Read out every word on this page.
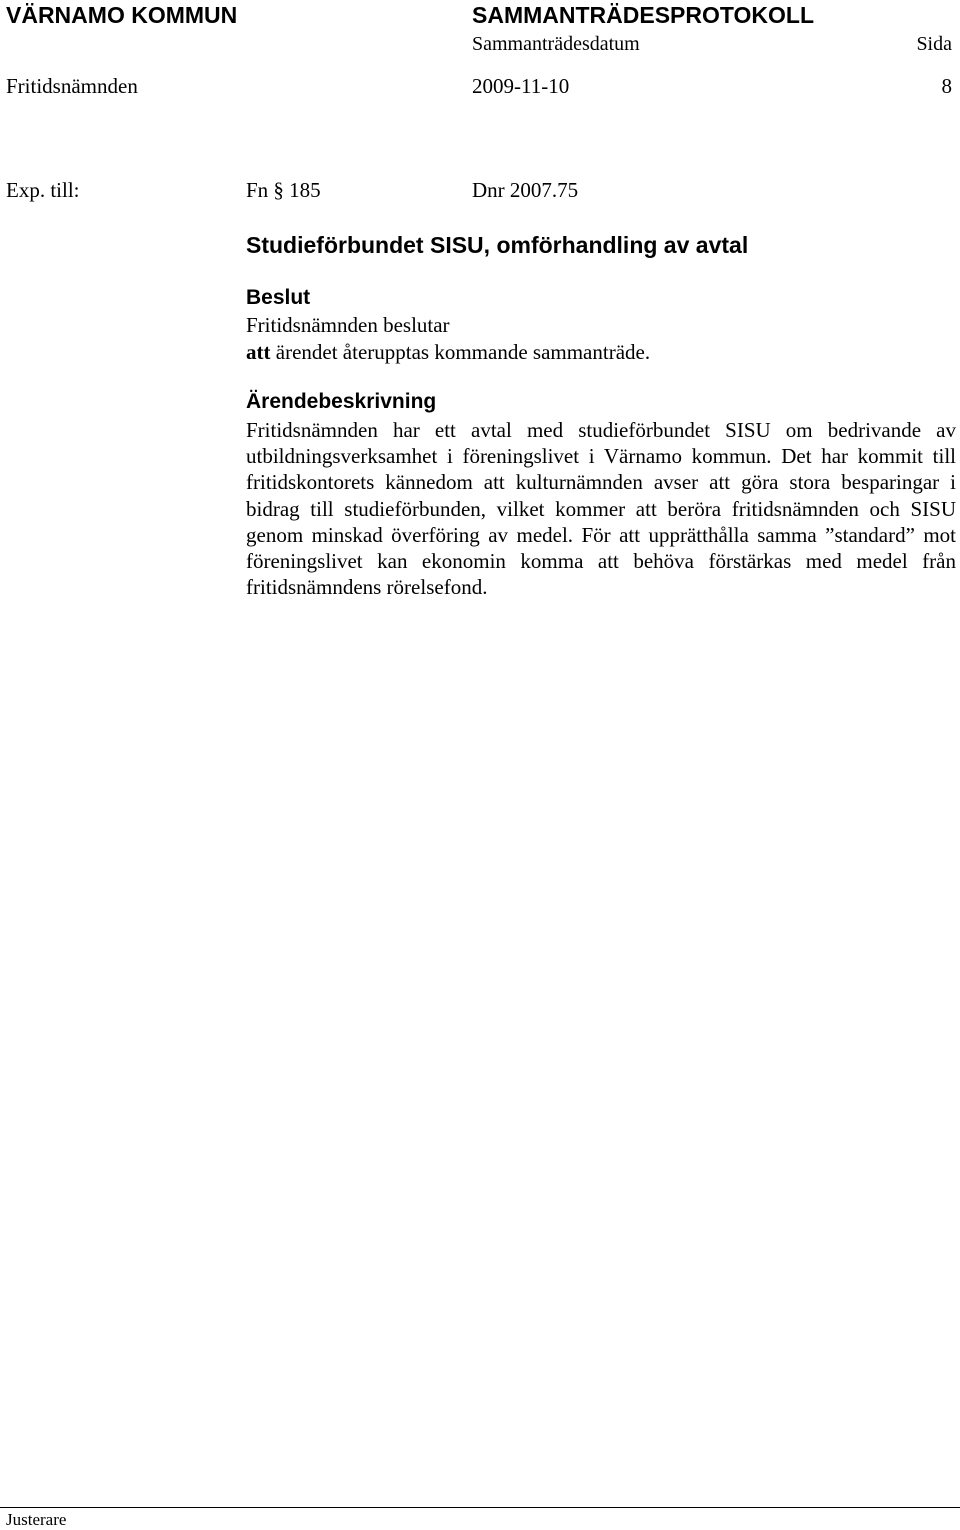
VÄRNAMO KOMMUN	SAMMANTRÄDESPROTOKOLL
Sammanträdesdatum	Sida
Fritidsnämnden	2009-11-10	8
Exp. till:	Fn § 185	Dnr 2007.75
Studieförbundet SISU, omförhandling av avtal
Beslut
Fritidsnämnden beslutar
att ärendet återupptas kommande sammanträde.
Ärendebeskrivning
Fritidsnämnden har ett avtal med studieförbundet SISU om bedrivande av utbildningsverksamhet i föreningslivet i Värnamo kommun. Det har kommit till fritidskontorets kännedom att kulturnämnden avser att göra stora besparingar i bidrag till studieförbunden, vilket kommer att beröra fritidsnämnden och SISU genom minskad överföring av medel. För att upprätthålla samma ”standard” mot föreningslivet kan ekonomin komma att behöva förstärkas med medel från fritidsnämndens rörelsefond.
Justerare
